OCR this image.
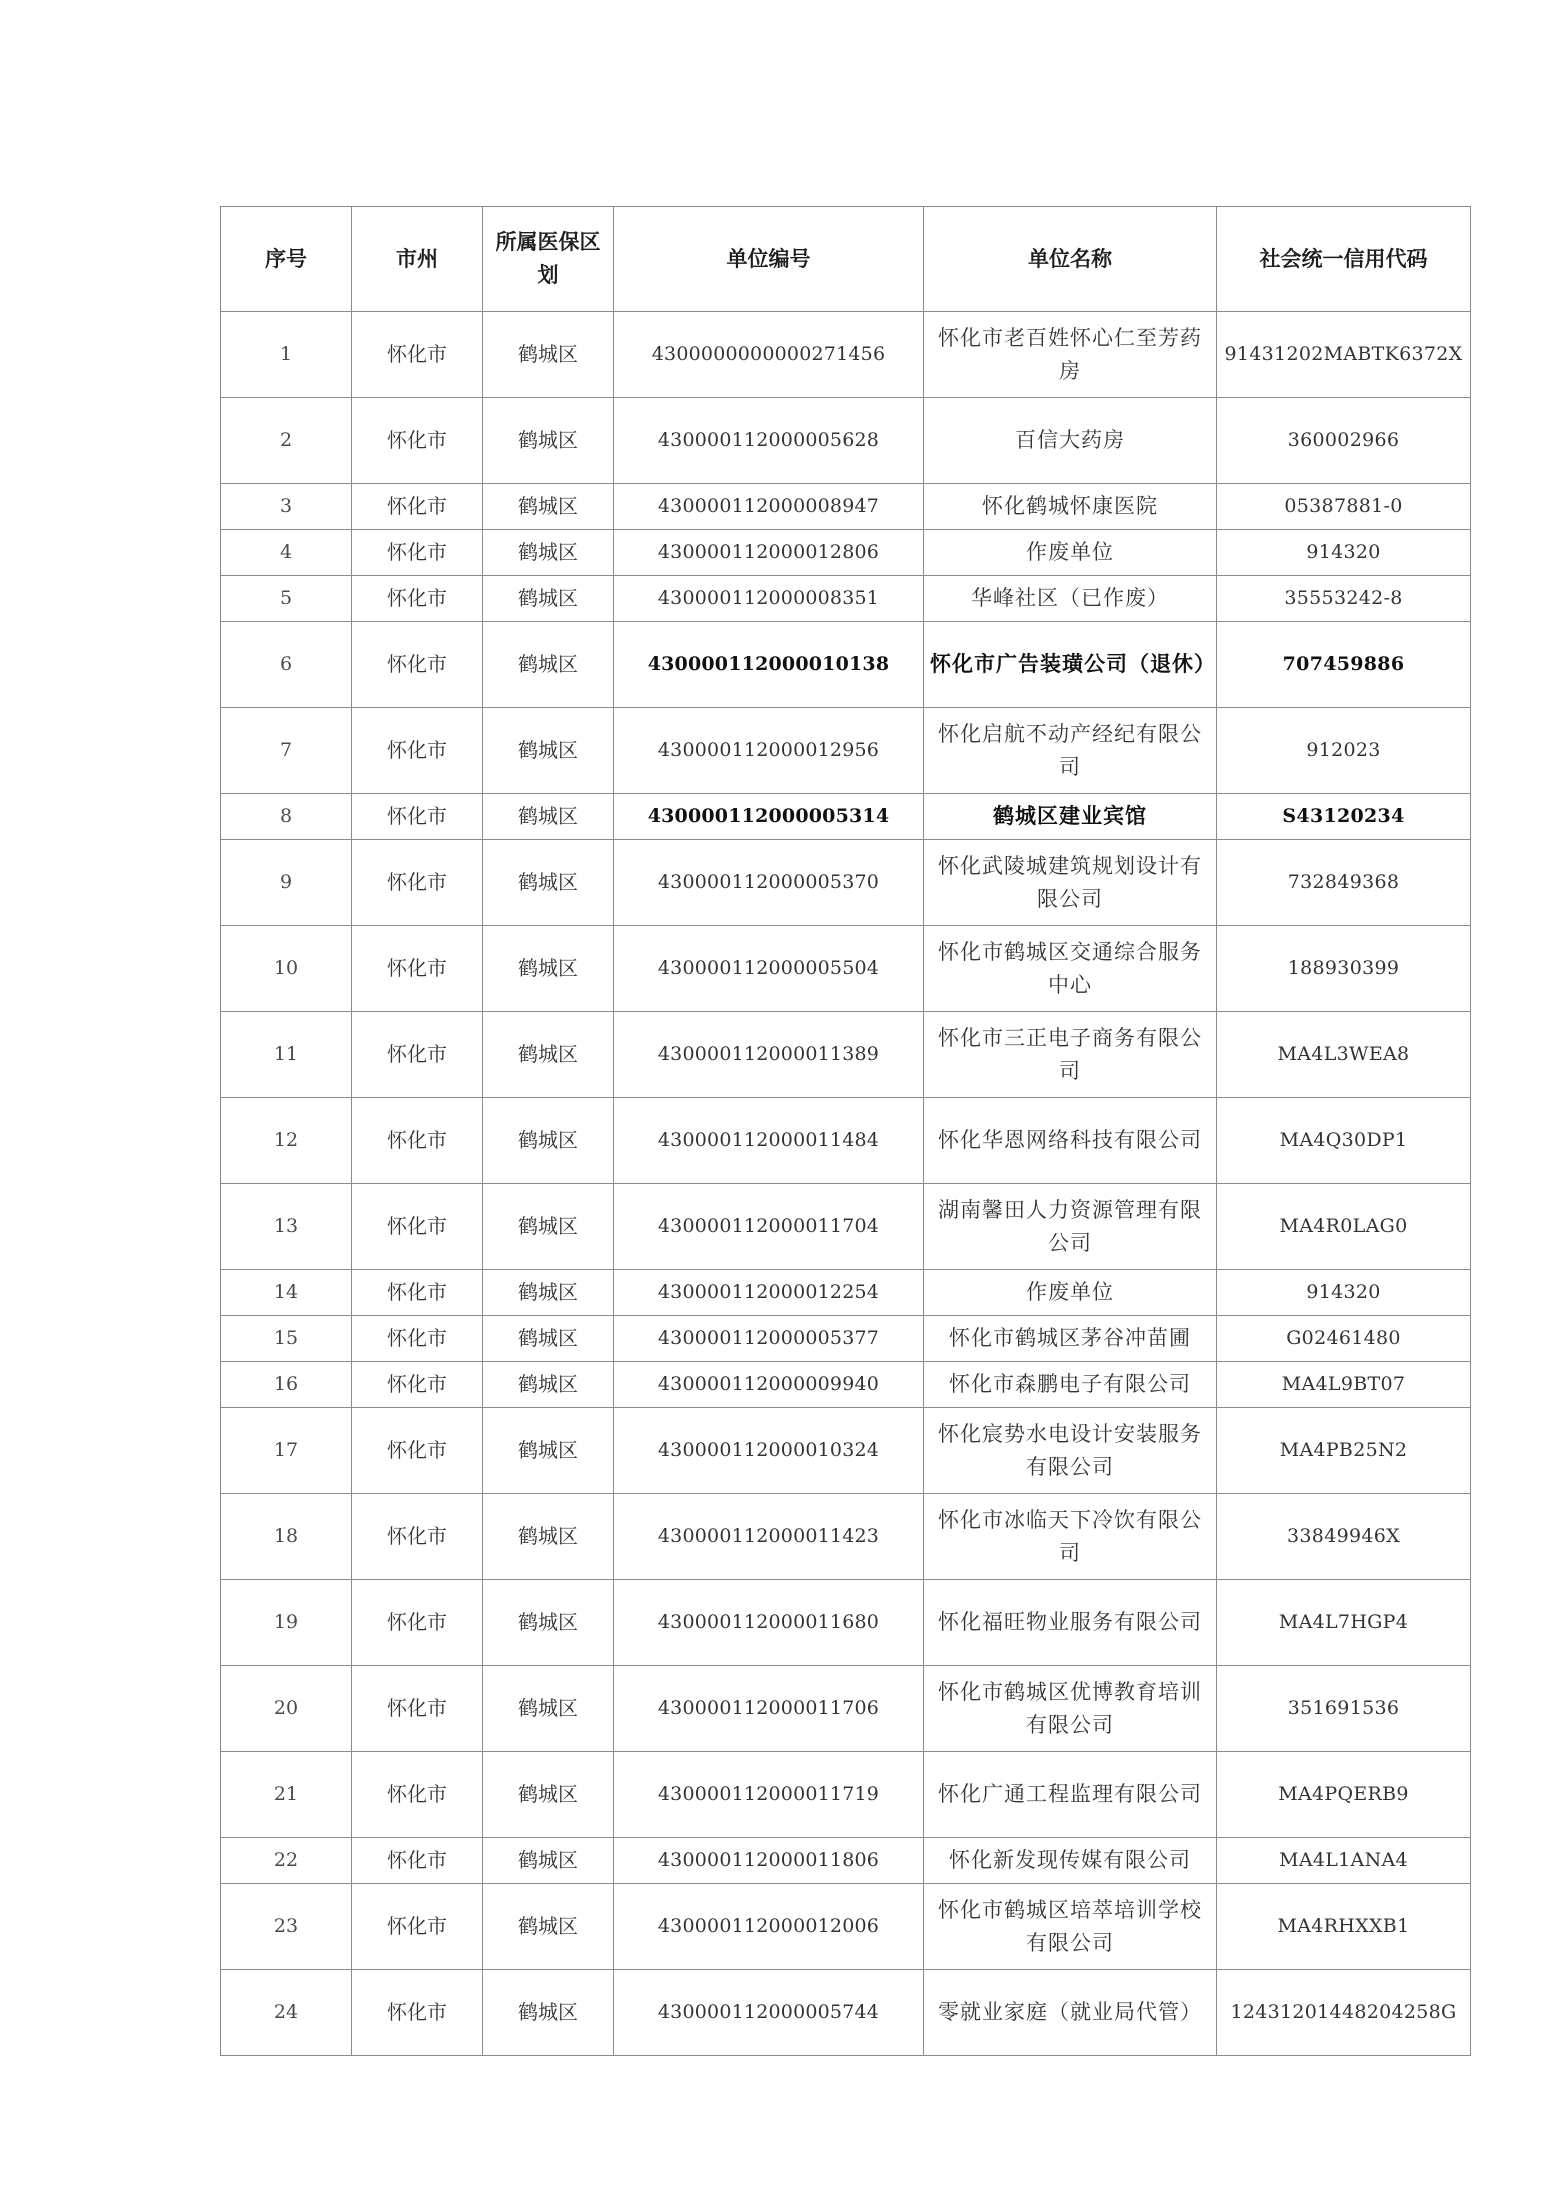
序号	市州	所属医保区划	单位编号	单位名称	社会统一信用代码
1	怀化市	鹤城区	4300000000000271456	怀化市老百姓怀心仁至芳药房	91431202MABTK6372X
2	怀化市	鹤城区	430000112000005628	百信大药房	360002966
3	怀化市	鹤城区	430000112000008947	怀化鹤城怀康医院	05387881-0
4	怀化市	鹤城区	430000112000012806	作废单位	914320
5	怀化市	鹤城区	430000112000008351	华峰社区（已作废）	35553242-8
6	怀化市	鹤城区	430000112000010138	怀化市广告装璜公司（退休）	707459886
7	怀化市	鹤城区	430000112000012956	怀化启航不动产经纪有限公司	912023
8	怀化市	鹤城区	430000112000005314	鹤城区建业宾馆	S43120234
9	怀化市	鹤城区	430000112000005370	怀化武陵城建筑规划设计有限公司	732849368
10	怀化市	鹤城区	430000112000005504	怀化市鹤城区交通综合服务中心	188930399
11	怀化市	鹤城区	430000112000011389	怀化市三正电子商务有限公司	MA4L3WEA8
12	怀化市	鹤城区	430000112000011484	怀化华恩网络科技有限公司	MA4Q30DP1
13	怀化市	鹤城区	430000112000011704	湖南馨田人力资源管理有限公司	MA4R0LAG0
14	怀化市	鹤城区	430000112000012254	作废单位	914320
15	怀化市	鹤城区	430000112000005377	怀化市鹤城区茅谷冲苗圃	G02461480
16	怀化市	鹤城区	430000112000009940	怀化市森鹏电子有限公司	MA4L9BT07
17	怀化市	鹤城区	430000112000010324	怀化宸势水电设计安装服务有限公司	MA4PB25N2
18	怀化市	鹤城区	430000112000011423	怀化市冰临天下冷饮有限公司	33849946X
19	怀化市	鹤城区	430000112000011680	怀化福旺物业服务有限公司	MA4L7HGP4
20	怀化市	鹤城区	430000112000011706	怀化市鹤城区优博教育培训有限公司	351691536
21	怀化市	鹤城区	430000112000011719	怀化广通工程监理有限公司	MA4PQERB9
22	怀化市	鹤城区	430000112000011806	怀化新发现传媒有限公司	MA4L1ANA4
23	怀化市	鹤城区	430000112000012006	怀化市鹤城区培萃培训学校有限公司	MA4RHXXB1
24	怀化市	鹤城区	430000112000005744	零就业家庭（就业局代管）	12431201448204258G
